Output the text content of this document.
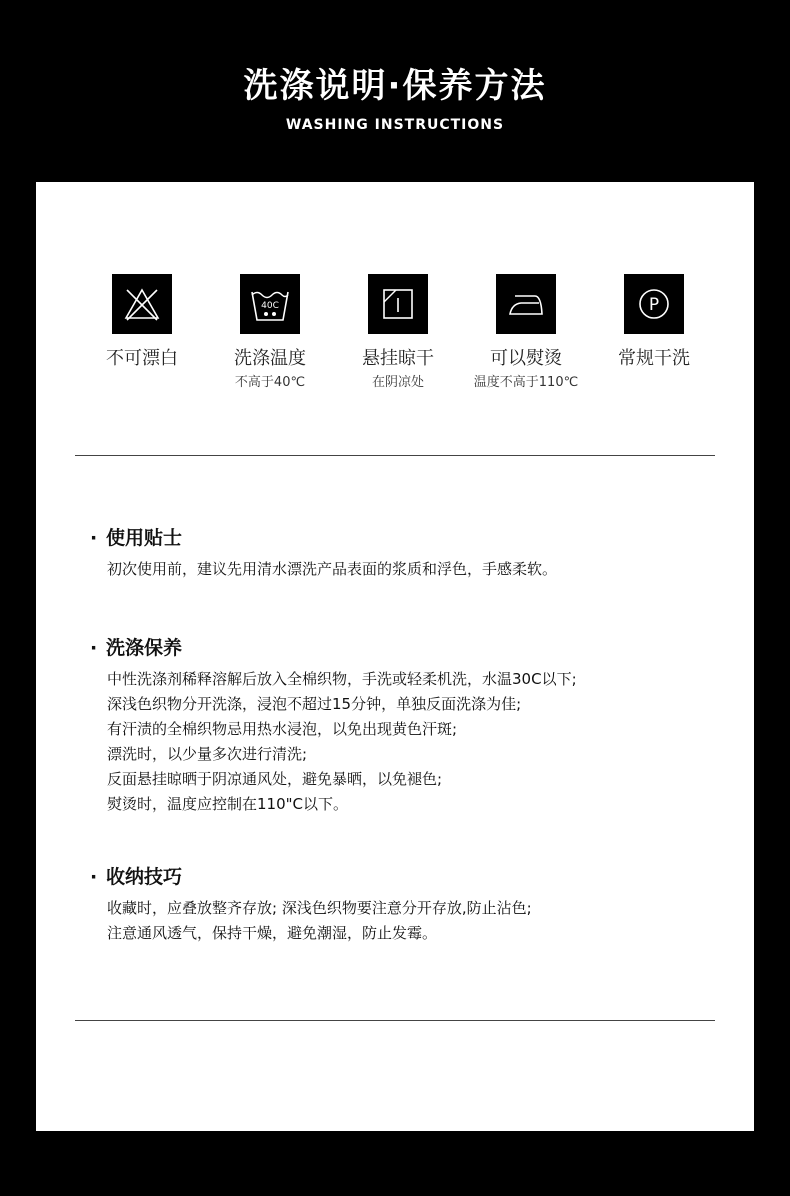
洗涤说明·保养方法
WASHING INSTRUCTIONS
不可漂白
40C
洗涤温度
不高于40℃
悬挂晾干
在阴凉处
可以熨烫
温度不高于110℃
P
常规干洗
· 使用贴士
初次使用前，建议先用清水漂洗产品表面的浆质和浮色，手感柔软。
· 洗涤保养
中性洗涤剂稀释溶解后放入全棉织物，手洗或轻柔机洗，水温30C以下;
深浅色织物分开洗涤，浸泡不超过15分钟，单独反面洗涤为佳;
有汗渍的全棉织物忌用热水浸泡，以免出现黄色汗斑;
漂洗时，以少量多次进行清洗;
反面悬挂晾晒于阴凉通风处，避免暴晒，以免褪色;
熨烫时，温度应控制在110"C以下。
· 收纳技巧
收藏时，应叠放整齐存放; 深浅色织物要注意分开存放,防止沾色;
注意通风透气，保持干燥，避免潮湿，防止发霉。
